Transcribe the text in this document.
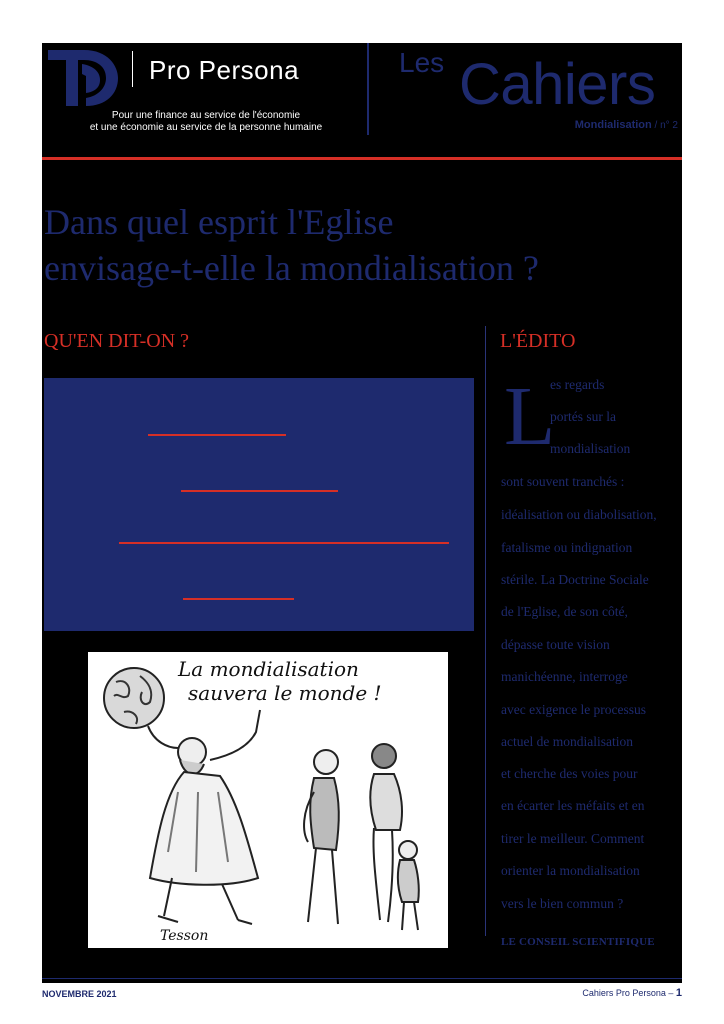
Pro Persona
Pour une finance au service de l'économie
et une économie au service de la personne humaine
Les Cahiers
Mondialisation / n° 2
Dans quel esprit l'Eglise
envisage-t-elle la mondialisation ?
QU'EN DIT-ON ?	L'ÉDITO
La mondialisation
sauvera le monde !
Tesson
L
es regards
portés sur la
mondialisation
sont souvent tranchés :
idéalisation ou diabolisation,
fatalisme ou indignation
stérile. La Doctrine Sociale
de l'Eglise, de son côté,
dépasse toute vision
manichéenne, interroge
avec exigence le processus
actuel de mondialisation
et cherche des voies pour
en écarter les méfaits et en
tirer le meilleur. Comment
orienter la mondialisation
vers le bien commun ?
LE CONSEIL SCIENTIFIQUE
NOVEMBRE 2021	Cahiers Pro Persona – 1
